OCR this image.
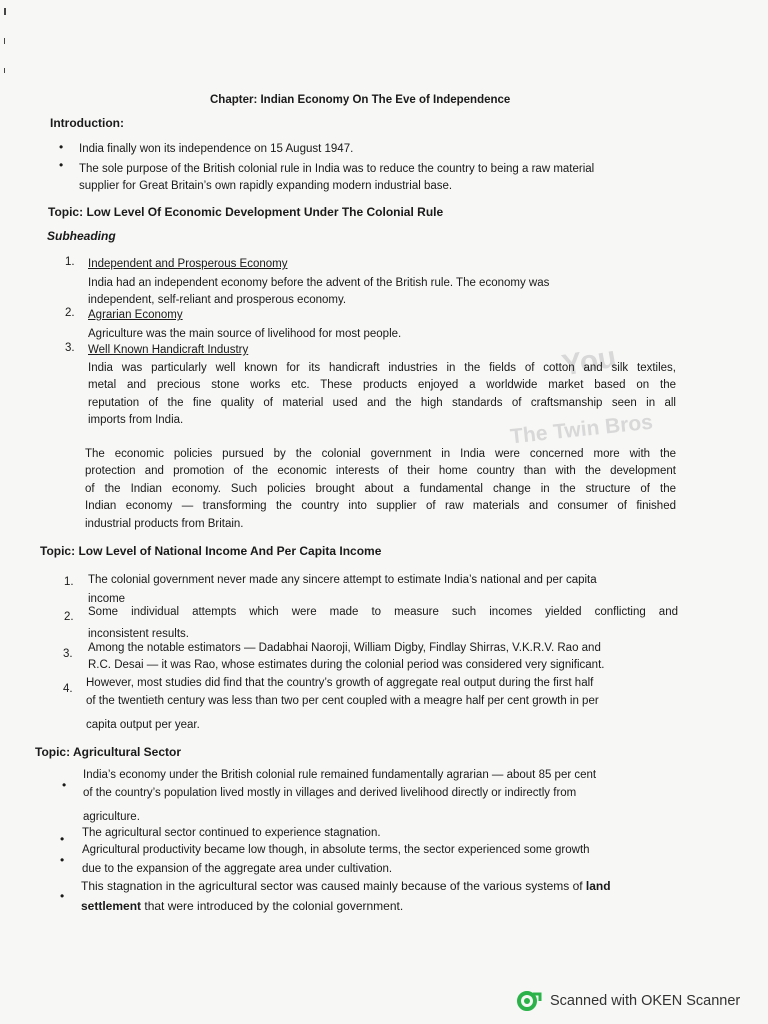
You
The Twin Bros
Chapter: Indian Economy On The Eve of Independence
Introduction:
• India finally won its independence on 15 August 1947.
• The sole purpose of the British colonial rule in India was to reduce the country to being a raw material
supplier for Great Britain’s own rapidly expanding modern industrial base.
Topic: Low Level Of Economic Development Under The Colonial Rule
Subheading
1. Independent and Prosperous Economy
India had an independent economy before the advent of the British rule. The economy was
independent, self-reliant and prosperous economy.
2. Agrarian Economy
Agriculture was the main source of livelihood for most people.
3. Well Known Handicraft Industry
India was particularly well known for its handicraft industries in the fields of cotton and silk textiles,
metal and precious stone works etc. These products enjoyed a worldwide market based on the
reputation of the fine quality of material used and the high standards of craftsmanship seen in all
imports from India.
The economic policies pursued by the colonial government in India were concerned more with the
protection and promotion of the economic interests of their home country than with the development
of the Indian economy. Such policies brought about a fundamental change in the structure of the
Indian economy — transforming the country into supplier of raw materials and consumer of finished
industrial products from Britain.
Topic: Low Level of National Income And Per Capita Income
1. The colonial government never made any sincere attempt to estimate India’s national and per capita
income
2. Some individual attempts which were made to measure such incomes yielded conflicting and
inconsistent results.
3. Among the notable estimators — Dadabhai Naoroji, William Digby, Findlay Shirras, V.K.R.V. Rao and
R.C. Desai — it was Rao, whose estimates during the colonial period was considered very significant.
4. However, most studies did find that the country’s growth of aggregate real output during the first half
of the twentieth century was less than two per cent coupled with a meagre half per cent growth in per
capita output per year.
Topic: Agricultural Sector
•
India’s economy under the British colonial rule remained fundamentally agrarian — about 85 per cent
of the country’s population lived mostly in villages and derived livelihood directly or indirectly from
agriculture.
• The agricultural sector continued to experience stagnation.
•
Agricultural productivity became low though, in absolute terms, the sector experienced some growth
due to the expansion of the aggregate area under cultivation.
•
This stagnation in the agricultural sector was caused mainly because of the various systems of land
settlement that were introduced by the colonial government.
Scanned with OKEN Scanner
